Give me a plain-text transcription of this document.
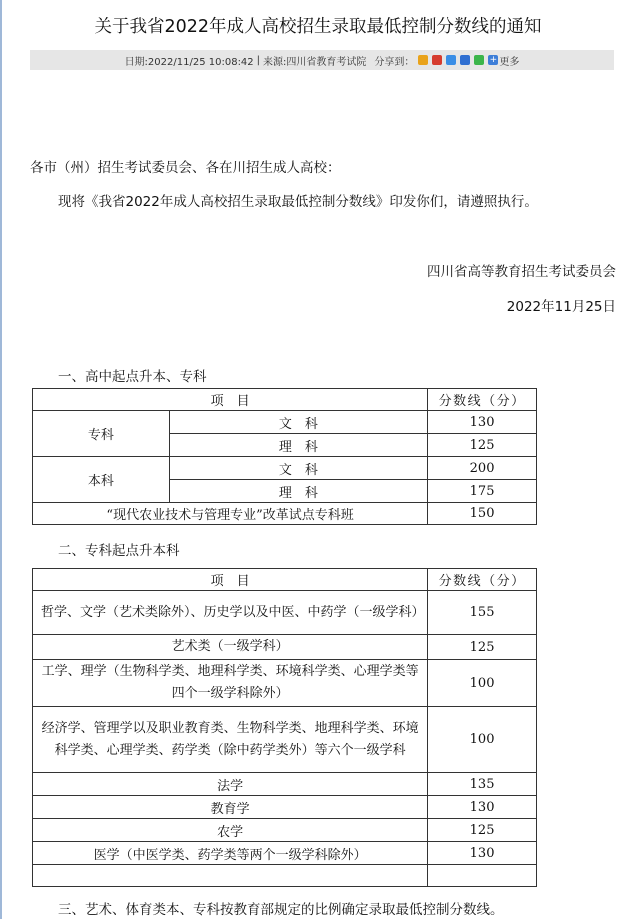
关于我省2022年成人高校招生录取最低控制分数线的通知
日期:2022/11/25 10:08:42 | 来源:四川省教育考试院 分享到：	+ 更多
各市（州）招生考试委员会、各在川招生成人高校：
现将《我省2022年成人高校招生录取最低控制分数线》印发你们，请遵照执行。
四川省高等教育招生考试委员会
2022年11月25日
一、高中起点升本、专科
项　目		分数线（分）
专科	文　科	130
	理　科	125
本科	文　科	200
	理　科	175
“现代农业技术与管理专业”改革试点专科班		150
二、专科起点升本科
项　目	分数线（分）
哲学、文学（艺术类除外）、历史学以及中医、中药学（一级学科）	155
艺术类（一级学科）	125
工学、理学（生物科学类、地理科学类、环境科学类、心理学类等四个一级学科除外）	100
经济学、管理学以及职业教育类、生物科学类、地理科学类、环境科学类、心理学类、药学类（除中药学类外）等六个一级学科	100
法学	135
教育学	130
农学	125
医学（中医学类、药学类等两个一级学科除外）	130

三、艺术、体育类本、专科按教育部规定的比例确定录取最低控制分数线。
